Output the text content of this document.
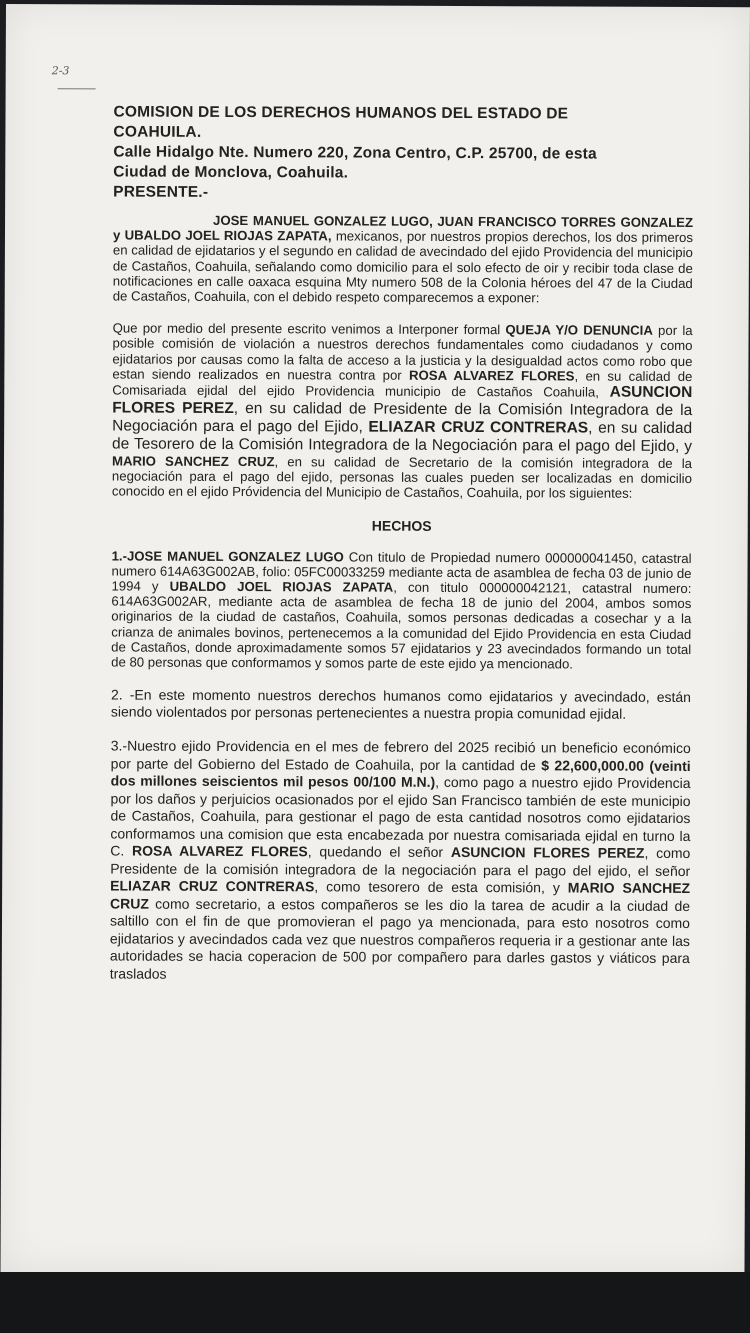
2-3

COMISION DE LOS DERECHOS HUMANOS DEL ESTADO DE

COAHUILA.

Calle Hidalgo Nte. Numero 220, Zona Centro, C.P. 25700, de esta

Ciudad de Monclova, Coahuila.

PRESENTE.-

JOSE MANUEL GONZALEZ LUGO, JUAN FRANCISCO TORRES GONZALEZ y UBALDO JOEL RIOJAS ZAPATA, mexicanos, por nuestros propios derechos, los dos primeros en calidad de ejidatarios y el segundo en calidad de avecindado del ejido Providencia del municipio de Castaños, Coahuila, señalando como domicilio para el solo efecto de oir y recibir toda clase de notificaciones en calle oaxaca esquina Mty numero 508 de la Colonia héroes del 47 de la Ciudad de Castaños, Coahuila, con el debido respeto comparecemos a exponer:

Que por medio del presente escrito venimos a Interponer formal QUEJA Y/O DENUNCIA por la posible comisión de violación a nuestros derechos fundamentales como ciudadanos y como ejidatarios por causas como la falta de acceso a la justicia y la desigualdad actos como robo que estan siendo realizados en nuestra contra por ROSA ALVAREZ FLORES, en su calidad de Comisariada ejidal del ejido Providencia municipio de Castaños Coahuila, ASUNCION FLORES PEREZ, en su calidad de Presidente de la Comisión Integradora de la Negociación para el pago del Ejido, ELIAZAR CRUZ CONTRERAS, en su calidad de Tesorero de la Comisión Integradora de la Negociación para el pago del Ejido, y MARIO SANCHEZ CRUZ, en su calidad de Secretario de la comisión integradora de la negociación para el pago del ejido, personas las cuales pueden ser localizadas en domicilio conocido en el ejido Próvidencia del Municipio de Castaños, Coahuila, por los siguientes:

HECHOS

1.-JOSE MANUEL GONZALEZ LUGO Con titulo de Propiedad numero 000000041450, catastral numero 614A63G002AB, folio: 05FC00033259 mediante acta de asamblea de fecha 03 de junio de 1994 y UBALDO JOEL RIOJAS ZAPATA, con titulo 000000042121, catastral numero: 614A63G002AR, mediante acta de asamblea de fecha 18 de junio del 2004, ambos somos originarios de la ciudad de castaños, Coahuila, somos personas dedicadas a cosechar y a la crianza de animales bovinos, pertenecemos a la comunidad del Ejido Providencia en esta Ciudad de Castaños, donde aproximadamente somos 57 ejidatarios y 23 avecindados formando un total de 80 personas que conformamos y somos parte de este ejido ya mencionado.

2. -En este momento nuestros derechos humanos como ejidatarios y avecindado, están siendo violentados por personas pertenecientes a nuestra propia comunidad ejidal.

3.-Nuestro ejido Providencia en el mes de febrero del 2025 recibió un beneficio económico por parte del Gobierno del Estado de Coahuila, por la cantidad de $ 22,600,000.00 (veinti dos millones seiscientos mil pesos 00/100 M.N.), como pago a nuestro ejido Providencia por los daños y perjuicios ocasionados por el ejido San Francisco también de este municipio de Castaños, Coahuila, para gestionar el pago de esta cantidad nosotros como ejidatarios conformamos una comision que esta encabezada por nuestra comisariada ejidal en turno la C. ROSA ALVAREZ FLORES, quedando el señor ASUNCION FLORES PEREZ, como Presidente de la comisión integradora de la negociación para el pago del ejido, el señor ELIAZAR CRUZ CONTRERAS, como tesorero de esta comisión, y MARIO SANCHEZ CRUZ como secretario, a estos compañeros se les dio la tarea de acudir a la ciudad de saltillo con el fin de que promovieran el pago ya mencionada, para esto nosotros como ejidatarios y avecindados cada vez que nuestros compañeros requeria ir a gestionar ante las autoridades se hacia coperacion de 500 por compañero para darles gastos y viáticos para traslados
